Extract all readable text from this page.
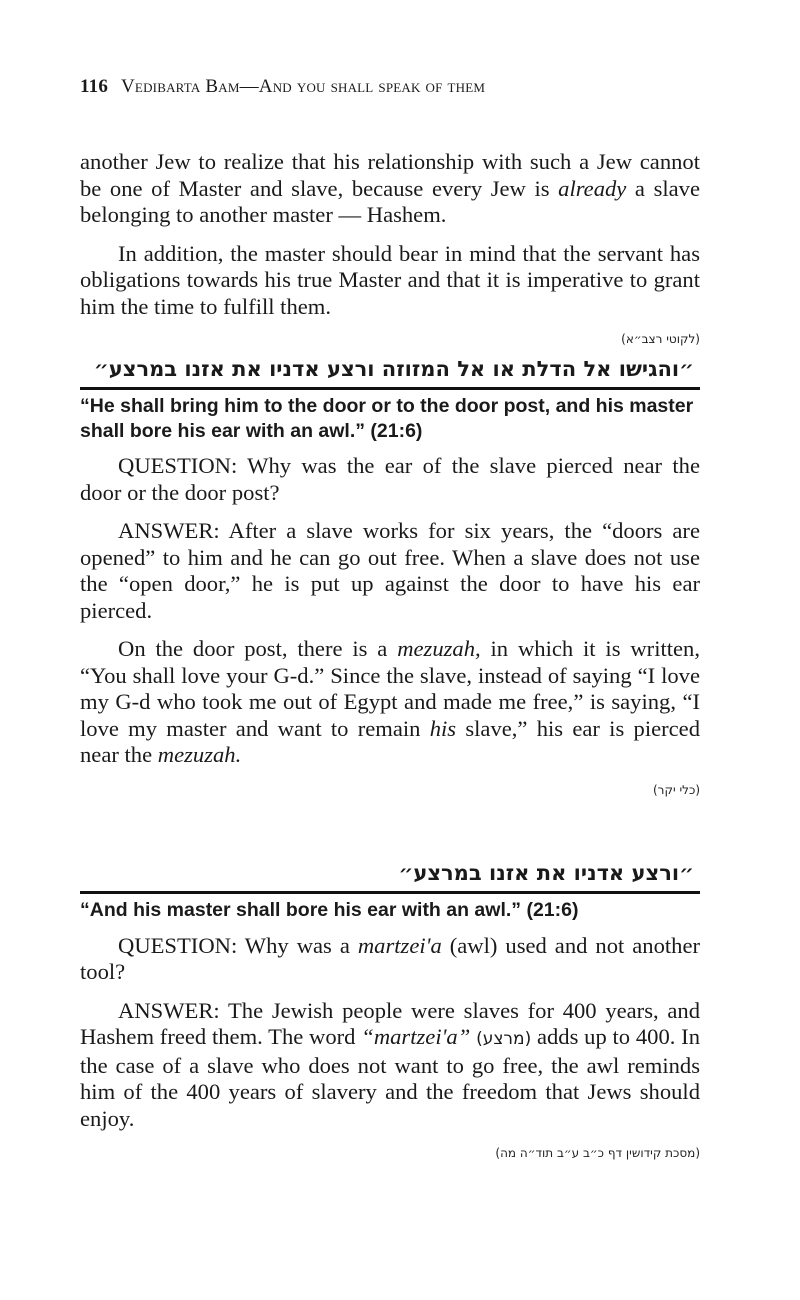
116 Vedibarta Bam—And you shall speak of them

another Jew to realize that his relationship with such a Jew cannot be one of Master and slave, because every Jew is already a slave belonging to another master — Hashem.

In addition, the master should bear in mind that the servant has obligations towards his true Master and that it is imperative to grant him the time to fulfill them.

(לקוטי רצב״א)

״והגישו אל הדלת או אל המזוזה ורצע אדניו את אזנו במרצע״

“He shall bring him to the door or to the door post, and his master shall bore his ear with an awl.” (21:6)

QUESTION: Why was the ear of the slave pierced near the door or the door post?

ANSWER: After a slave works for six years, the “doors are opened” to him and he can go out free. When a slave does not use the “open door,” he is put up against the door to have his ear pierced.

On the door post, there is a mezuzah, in which it is written, “You shall love your G-d.” Since the slave, instead of saying “I love my G-d who took me out of Egypt and made me free,” is saying, “I love my master and want to remain his slave,” his ear is pierced near the mezuzah.

(כלי יקר)

״ורצע אדניו את אזנו במרצע״

“And his master shall bore his ear with an awl.” (21:6)

QUESTION: Why was a martzei'a (awl) used and not another tool?

ANSWER: The Jewish people were slaves for 400 years, and Hashem freed them. The word “martzei'a” (מרצע) adds up to 400. In the case of a slave who does not want to go free, the awl reminds him of the 400 years of slavery and the freedom that Jews should enjoy.

(מסכת קידושין דף כ״ב ע״ב תוד״ה מה)
